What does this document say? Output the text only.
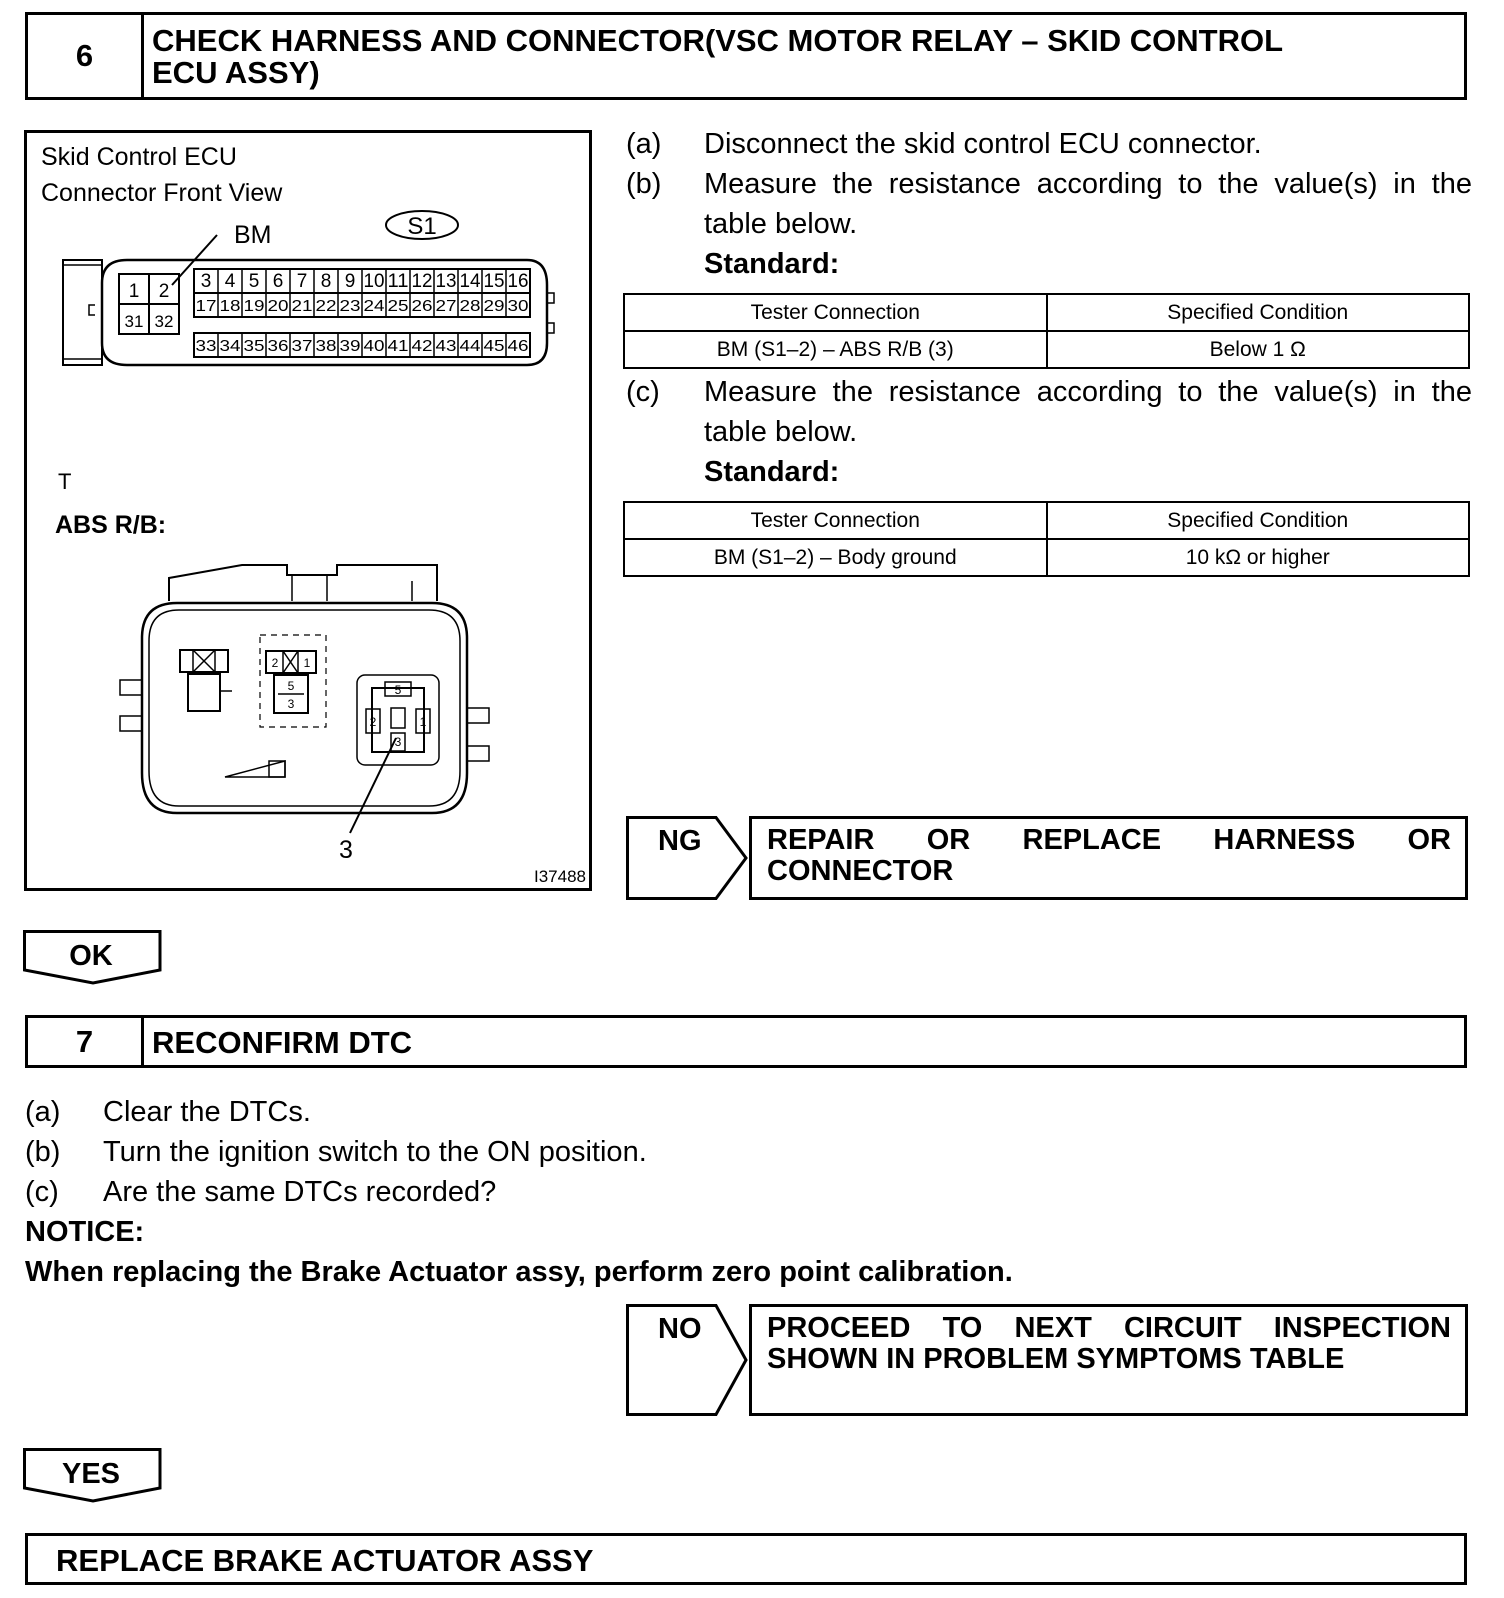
6	CHECK HARNESS AND CONNECTOR(VSC MOTOR RELAY – SKID CONTROL
ECU ASSY)
Skid Control ECU
Connector Front View
BM
T
ABS R/B:
3
I37488
S1
1 2
31 32
3 4 5 6 7 8 9 10 11 12 13 14 15 16
17 18 19 20 21 22 23 24 25 26 27 28 29 30
33 34 35 36 37 38 39 40 41 42 43 44 45 46
2 1
5
3
5
2	1
3
(a) Disconnect the skid control ECU connector.
(b) Measure the resistance according to the value(s) in the table below.
Standard:
Tester Connection	Specified Condition
BM (S1–2) – ABS R/B (3)	Below 1 Ω
(c) Measure the resistance according to the value(s) in the table below.
Standard:
Tester Connection	Specified Condition
BM (S1–2) – Body ground	10 kΩ or higher
NG	REPAIR OR REPLACE HARNESS OR CONNECTOR
OK
7	RECONFIRM DTC
(a) Clear the DTCs.
(b) Turn the ignition switch to the ON position.
(c) Are the same DTCs recorded?
NOTICE:
When replacing the Brake Actuator assy, perform zero point calibration.
NO	PROCEED TO NEXT CIRCUIT INSPECTION SHOWN IN PROBLEM SYMPTOMS TABLE
YES
REPLACE BRAKE ACTUATOR ASSY
